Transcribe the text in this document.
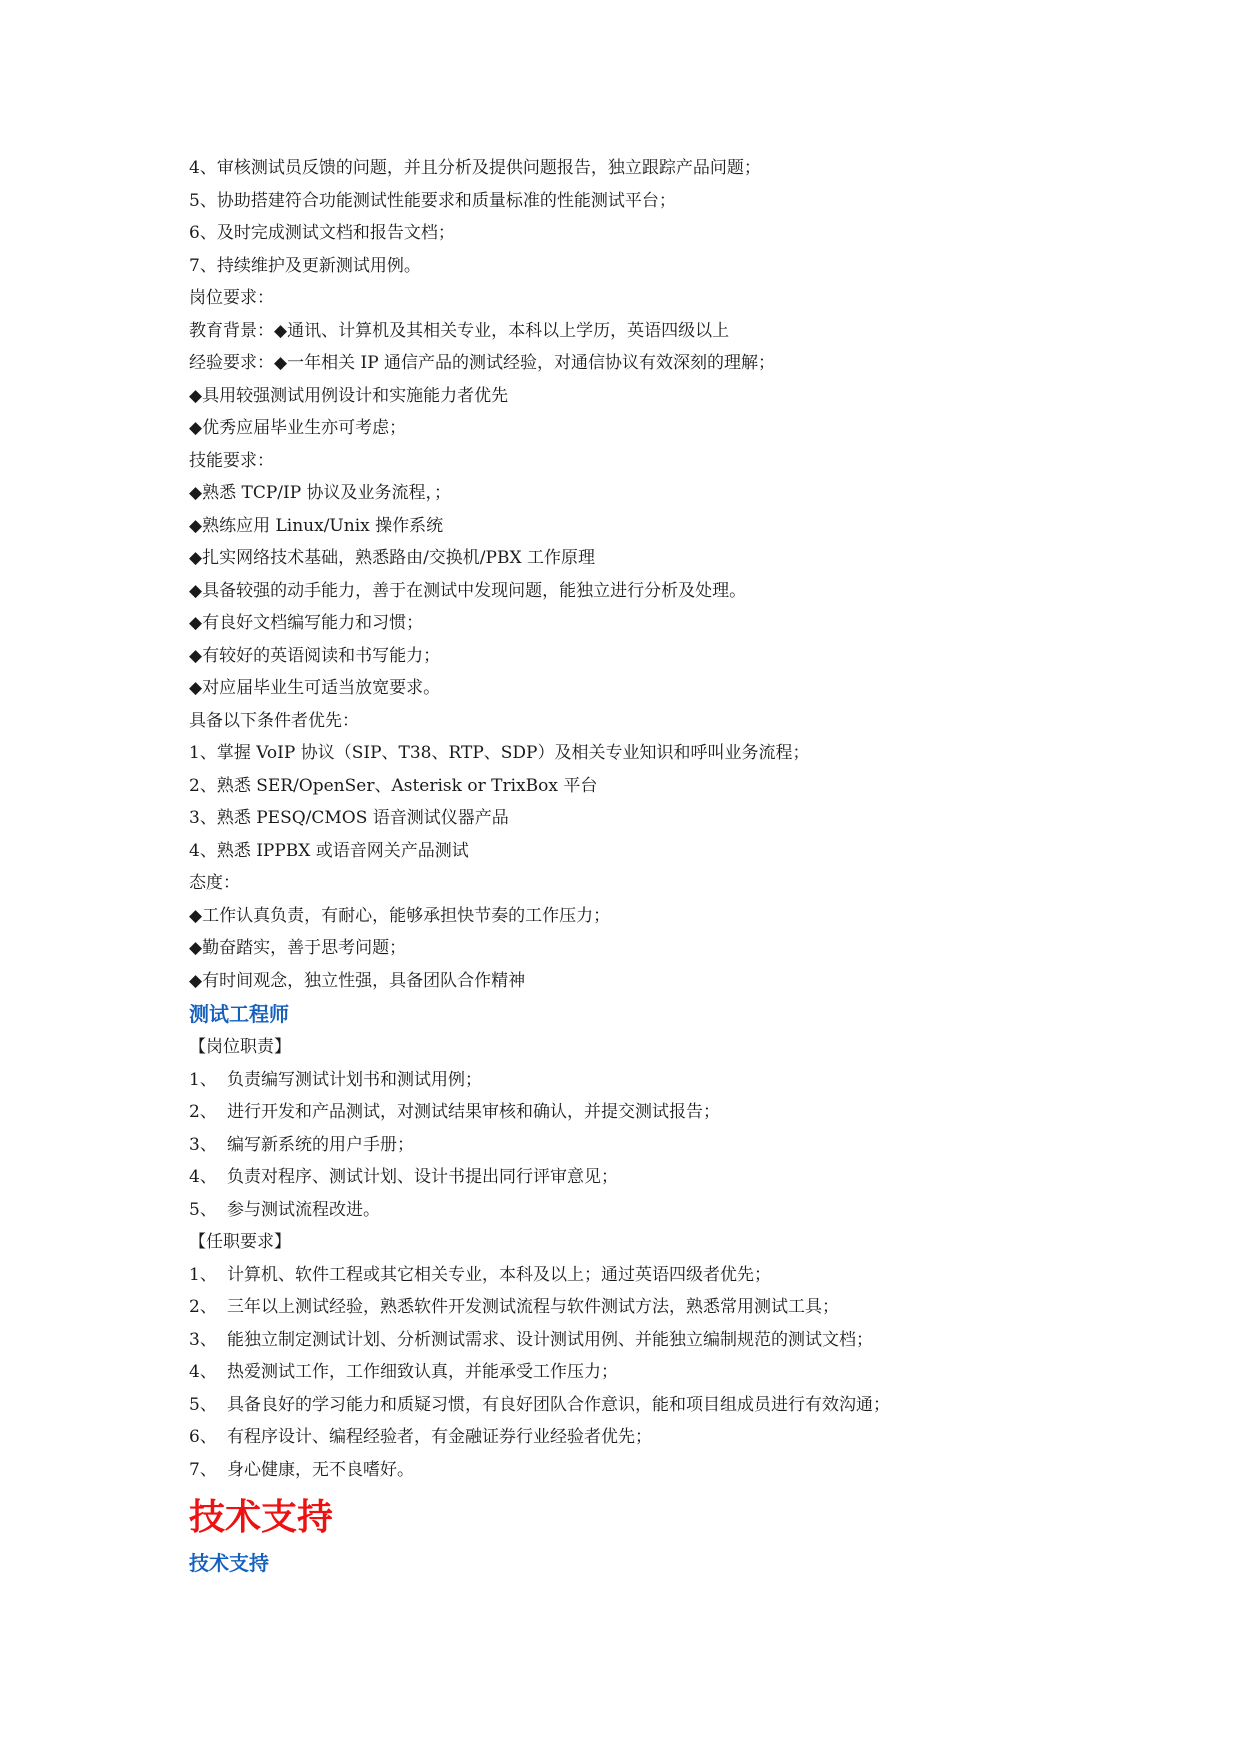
4、审核测试员反馈的问题，并且分析及提供问题报告，独立跟踪产品问题；
5、协助搭建符合功能测试性能要求和质量标准的性能测试平台；
6、及时完成测试文档和报告文档；
7、持续维护及更新测试用例。
岗位要求：
教育背景：◆通讯、计算机及其相关专业，本科以上学历，英语四级以上
经验要求：◆一年相关 IP 通信产品的测试经验，对通信协议有效深刻的理解；
◆具用较强测试用例设计和实施能力者优先
◆优秀应届毕业生亦可考虑；
技能要求：
◆熟悉 TCP/IP 协议及业务流程，；
◆熟练应用 Linux/Unix 操作系统
◆扎实网络技术基础，熟悉路由/交换机/PBX 工作原理
◆具备较强的动手能力，善于在测试中发现问题，能独立进行分析及处理。
◆有良好文档编写能力和习惯；
◆有较好的英语阅读和书写能力；
◆对应届毕业生可适当放宽要求。
具备以下条件者优先：
1、掌握 VoIP 协议（SIP、T38、RTP、SDP）及相关专业知识和呼叫业务流程；
2、熟悉 SER/OpenSer、Asterisk or TrixBox 平台
3、熟悉 PESQ/CMOS 语音测试仪器产品
4、熟悉 IPPBX 或语音网关产品测试
态度：
◆工作认真负责，有耐心，能够承担快节奏的工作压力；
◆勤奋踏实，善于思考问题；
◆有时间观念，独立性强，具备团队合作精神
测试工程师
【岗位职责】
1、 负责编写测试计划书和测试用例；
2、 进行开发和产品测试，对测试结果审核和确认，并提交测试报告；
3、 编写新系统的用户手册；
4、 负责对程序、测试计划、设计书提出同行评审意见；
5、 参与测试流程改进。
【任职要求】
1、 计算机、软件工程或其它相关专业，本科及以上；通过英语四级者优先；
2、 三年以上测试经验，熟悉软件开发测试流程与软件测试方法，熟悉常用测试工具；
3、 能独立制定测试计划、分析测试需求、设计测试用例、并能独立编制规范的测试文档；
4、 热爱测试工作，工作细致认真，并能承受工作压力；
5、 具备良好的学习能力和质疑习惯，有良好团队合作意识，能和项目组成员进行有效沟通；
6、 有程序设计、编程经验者，有金融证券行业经验者优先；
7、 身心健康，无不良嗜好。
技术支持
技术支持
